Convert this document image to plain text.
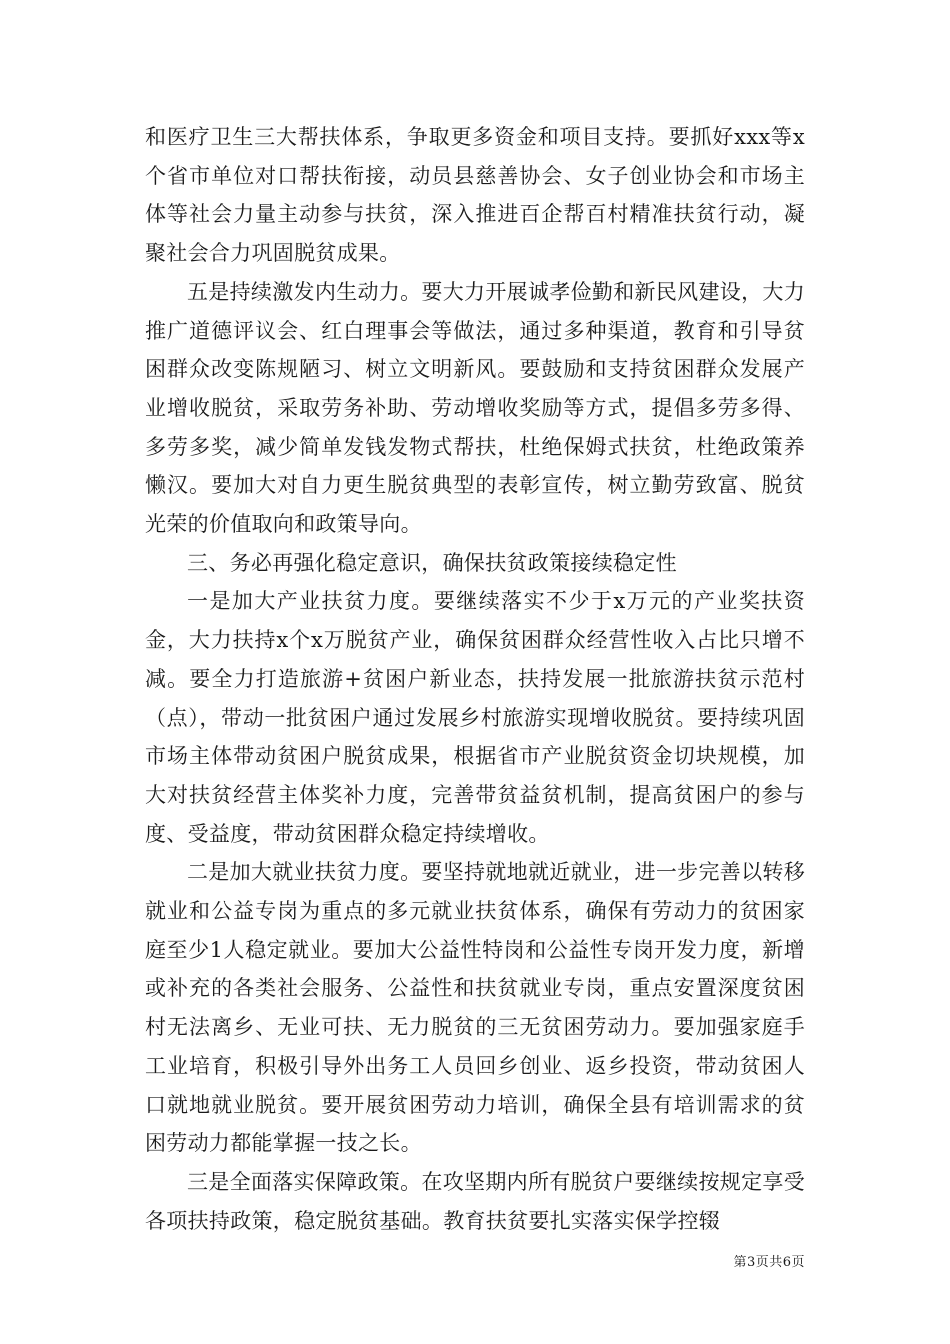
和医疗卫生三大帮扶体系，争取更多资金和项目支持。要抓好xxx等x个省市单位对口帮扶衔接，动员县慈善协会、女子创业协会和市场主体等社会力量主动参与扶贫，深入推进百企帮百村精准扶贫行动，凝聚社会合力巩固脱贫成果。

五是持续激发内生动力。要大力开展诚孝俭勤和新民风建设，大力推广道德评议会、红白理事会等做法，通过多种渠道，教育和引导贫困群众改变陈规陋习、树立文明新风。要鼓励和支持贫困群众发展产业增收脱贫，采取劳务补助、劳动增收奖励等方式，提倡多劳多得、多劳多奖，减少简单发钱发物式帮扶，杜绝保姆式扶贫，杜绝政策养懒汉。要加大对自力更生脱贫典型的表彰宣传，树立勤劳致富、脱贫光荣的价值取向和政策导向。

三、务必再强化稳定意识，确保扶贫政策接续稳定性

一是加大产业扶贫力度。要继续落实不少于x万元的产业奖扶资金，大力扶持x个x万脱贫产业，确保贫困群众经营性收入占比只增不减。要全力打造旅游+贫困户新业态，扶持发展一批旅游扶贫示范村（点），带动一批贫困户通过发展乡村旅游实现增收脱贫。要持续巩固市场主体带动贫困户脱贫成果，根据省市产业脱贫资金切块规模，加大对扶贫经营主体奖补力度，完善带贫益贫机制，提高贫困户的参与度、受益度，带动贫困群众稳定持续增收。

二是加大就业扶贫力度。要坚持就地就近就业，进一步完善以转移就业和公益专岗为重点的多元就业扶贫体系，确保有劳动力的贫困家庭至少1人稳定就业。要加大公益性特岗和公益性专岗开发力度，新增或补充的各类社会服务、公益性和扶贫就业专岗，重点安置深度贫困村无法离乡、无业可扶、无力脱贫的三无贫困劳动力。要加强家庭手工业培育，积极引导外出务工人员回乡创业、返乡投资，带动贫困人口就地就业脱贫。要开展贫困劳动力培训，确保全县有培训需求的贫困劳动力都能掌握一技之长。

三是全面落实保障政策。在攻坚期内所有脱贫户要继续按规定享受各项扶持政策，稳定脱贫基础。教育扶贫要扎实落实保学控辍

第3页共6页
